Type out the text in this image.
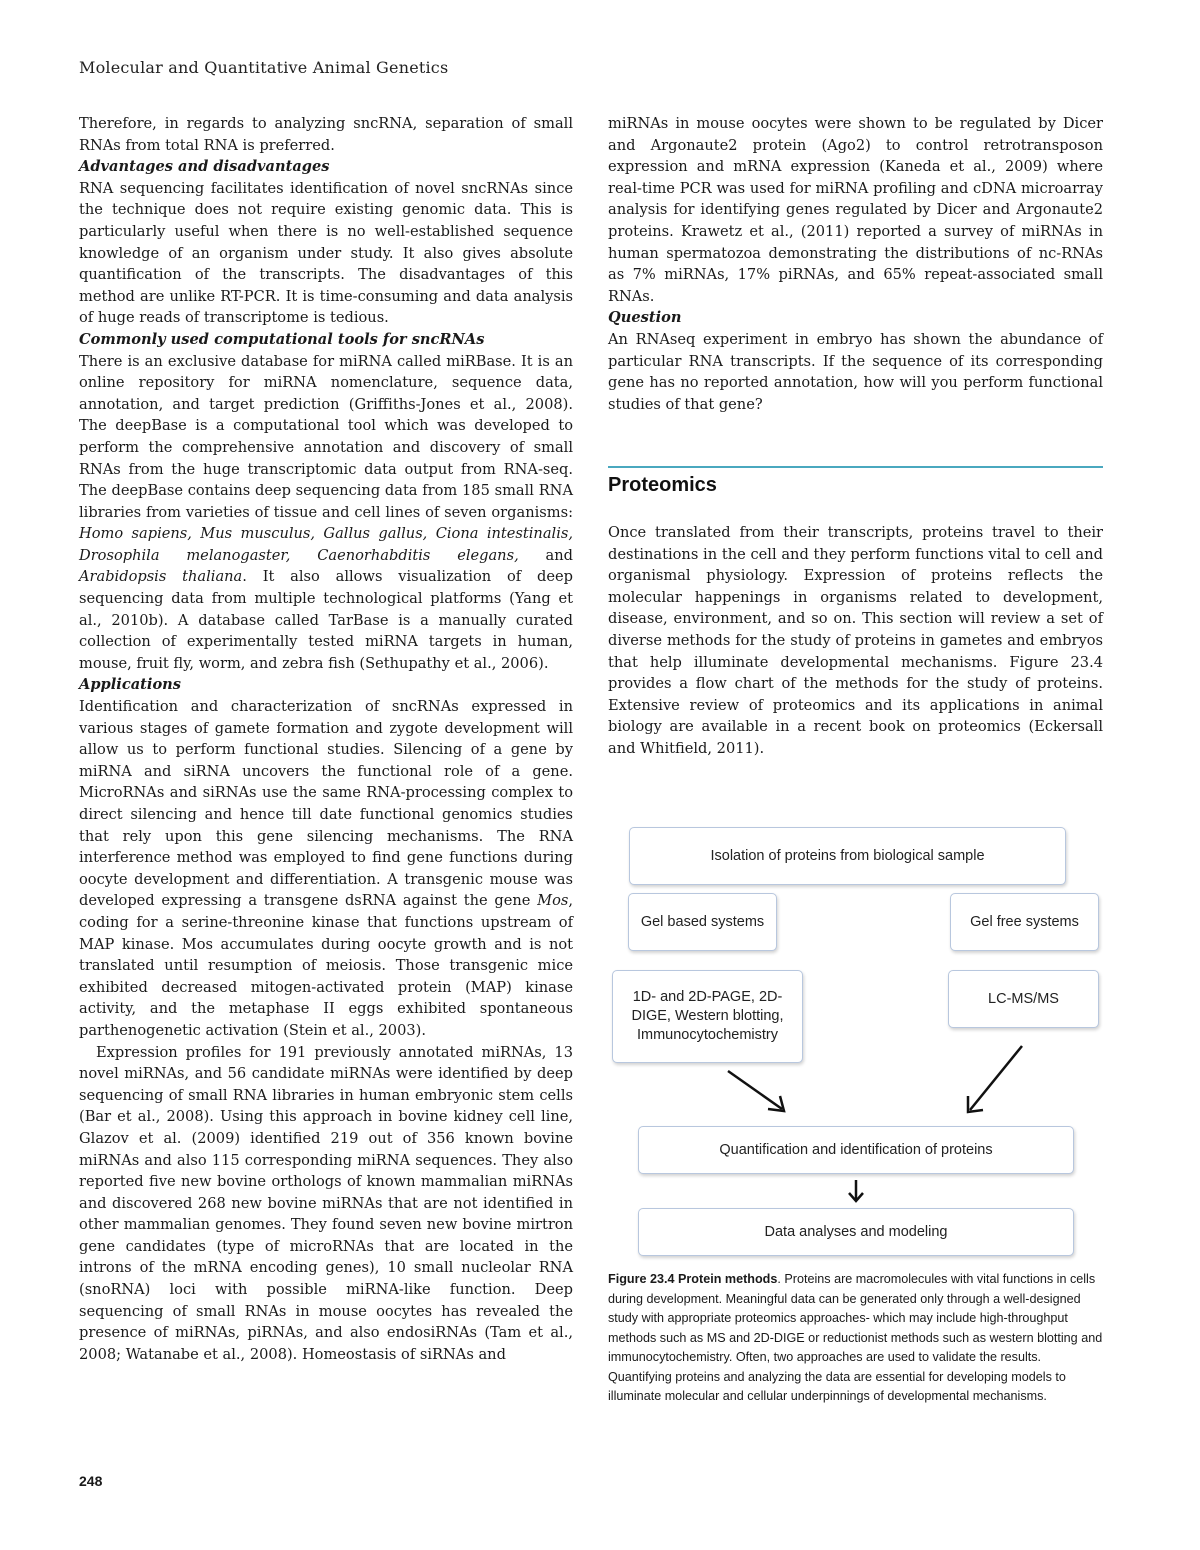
Molecular and Quantitative Animal Genetics

Therefore, in regards to analyzing sncRNA, separation of small RNAs from total RNA is preferred.

Advantages and disadvantages

RNA sequencing facilitates identification of novel sncRNAs since the technique does not require existing genomic data. This is particularly useful when there is no well-established sequence knowledge of an organism under study. It also gives absolute quantification of the transcripts. The disadvantages of this method are unlike RT-PCR. It is time-consuming and data analysis of huge reads of transcriptome is tedious.

Commonly used computational tools for sncRNAs

There is an exclusive database for miRNA called miRBase. It is an online repository for miRNA nomenclature, sequence data, annotation, and target prediction (Griffiths-Jones et al., 2008). The deepBase is a computational tool which was developed to perform the comprehensive annotation and discovery of small RNAs from the huge transcriptomic data output from RNA-seq. The deepBase contains deep sequencing data from 185 small RNA libraries from varieties of tissue and cell lines of seven organisms: Homo sapiens, Mus musculus, Gallus gallus, Ciona intestinalis, Drosophila melanogaster, Caenorhabditis elegans, and Arabidopsis thaliana. It also allows visualization of deep sequencing data from multiple technological platforms (Yang et al., 2010b). A database called TarBase is a manually curated collection of experimentally tested miRNA targets in human, mouse, fruit fly, worm, and zebra fish (Sethupathy et al., 2006).

Applications

Identification and characterization of sncRNAs expressed in various stages of gamete formation and zygote development will allow us to perform functional studies. Silencing of a gene by miRNA and siRNA uncovers the functional role of a gene. MicroRNAs and siRNAs use the same RNA-processing complex to direct silencing and hence till date functional genomics studies that rely upon this gene silencing mechanisms. The RNA interference method was employed to find gene functions during oocyte development and differentiation. A transgenic mouse was developed expressing a transgene dsRNA against the gene Mos, coding for a serine-threonine kinase that functions upstream of MAP kinase. Mos accumulates during oocyte growth and is not translated until resumption of meiosis. Those transgenic mice exhibited decreased mitogen-activated protein (MAP) kinase activity, and the metaphase II eggs exhibited spontaneous parthenogenetic activation (Stein et al., 2003).

Expression profiles for 191 previously annotated miRNAs, 13 novel miRNAs, and 56 candidate miRNAs were identified by deep sequencing of small RNA libraries in human embryonic stem cells (Bar et al., 2008). Using this approach in bovine kidney cell line, Glazov et al. (2009) identified 219 out of 356 known bovine miRNAs and also 115 corresponding miRNA sequences. They also reported five new bovine orthologs of known mammalian miRNAs and discovered 268 new bovine miRNAs that are not identified in other mammalian genomes. They found seven new bovine mirtron gene candidates (type of microRNAs that are located in the introns of the mRNA encoding genes), 10 small nucleolar RNA (snoRNA) loci with possible miRNA-like function. Deep sequencing of small RNAs in mouse oocytes has revealed the presence of miRNAs, piRNAs, and also endosiRNAs (Tam et al., 2008; Watanabe et al., 2008). Homeostasis of siRNAs and

miRNAs in mouse oocytes were shown to be regulated by Dicer and Argonaute2 protein (Ago2) to control retrotransposon expression and mRNA expression (Kaneda et al., 2009) where real-time PCR was used for miRNA profiling and cDNA microarray analysis for identifying genes regulated by Dicer and Argonaute2 proteins. Krawetz et al., (2011) reported a survey of miRNAs in human spermatozoa demonstrating the distributions of nc-RNAs as 7% miRNAs, 17% piRNAs, and 65% repeat-associated small RNAs.

Question

An RNAseq experiment in embryo has shown the abundance of particular RNA transcripts. If the sequence of its corresponding gene has no reported annotation, how will you perform functional studies of that gene?

Proteomics

Once translated from their transcripts, proteins travel to their destinations in the cell and they perform functions vital to cell and organismal physiology. Expression of proteins reflects the molecular happenings in organisms related to development, disease, environment, and so on. This section will review a set of diverse methods for the study of proteins in gametes and embryos that help illuminate developmental mechanisms. Figure 23.4 provides a flow chart of the methods for the study of proteins. Extensive review of proteomics and its applications in animal biology are available in a recent book on proteomics (Eckersall and Whitfield, 2011).

Isolation of proteins from biological sample
Gel based systems	Gel free systems
1D- and 2D-PAGE, 2D-DIGE, Western blotting, Immunocytochemistry
LC-MS/MS
Quantification and identification of proteins
Data analyses and modeling
Figure 23.4 Protein methods. Proteins are macromolecules with vital functions in cells during development. Meaningful data can be generated only through a well-designed study with appropriate proteomics approaches- which may include high-throughput methods such as MS and 2D-DIGE or reductionist methods such as western blotting and immunocytochemistry. Often, two approaches are used to validate the results. Quantifying proteins and analyzing the data are essential for developing models to illuminate molecular and cellular underpinnings of developmental mechanisms.
248
